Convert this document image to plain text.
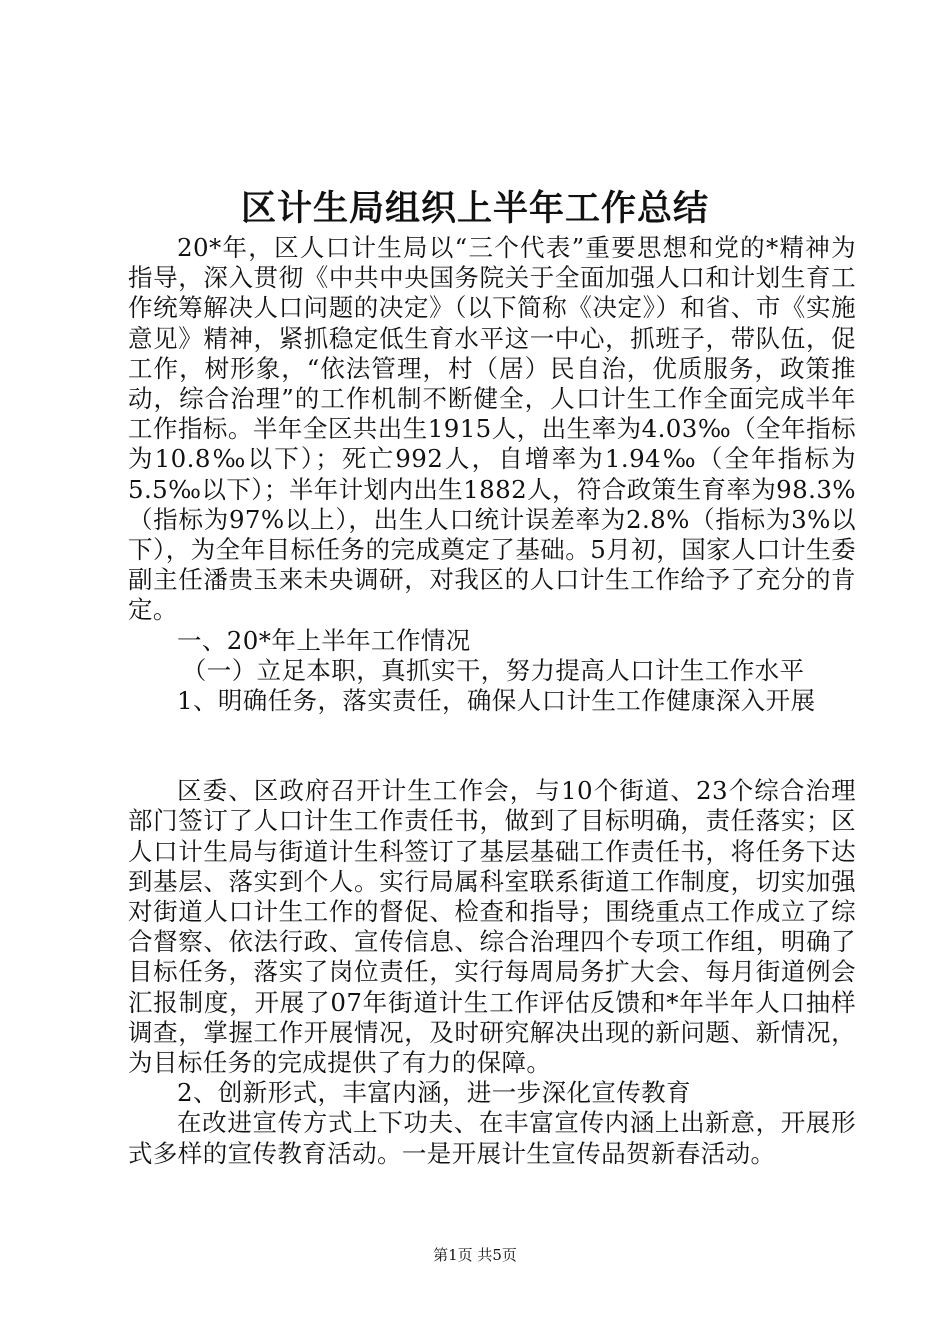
区计生局组织上半年工作总结

20*年，区人口计生局以“三个代表”重要思想和党的*精神为指导，深入贯彻《中共中央国务院关于全面加强人口和计划生育工作统筹解决人口问题的决定》（以下简称《决定》）和省、市《实施意见》精神，紧抓稳定低生育水平这一中心，抓班子，带队伍，促工作，树形象，“依法管理，村（居）民自治，优质服务，政策推动，综合治理”的工作机制不断健全，人口计生工作全面完成半年工作指标。半年全区共出生1915人，出生率为4.03‰（全年指标为10.8‰以下）；死亡992人，自增率为1.94‰（全年指标为5.5‰以下）；半年计划内出生1882人，符合政策生育率为98.3%（指标为97%以上），出生人口统计误差率为2.8%（指标为3%以下），为全年目标任务的完成奠定了基础。5月初，国家人口计生委副主任潘贵玉来未央调研，对我区的人口计生工作给予了充分的肯定。

一、20*年上半年工作情况

（一）立足本职，真抓实干，努力提高人口计生工作水平

1、明确任务，落实责任，确保人口计生工作健康深入开展

区委、区政府召开计生工作会，与10个街道、23个综合治理部门签订了人口计生工作责任书，做到了目标明确，责任落实；区人口计生局与街道计生科签订了基层基础工作责任书，将任务下达到基层、落实到个人。实行局属科室联系街道工作制度，切实加强对街道人口计生工作的督促、检查和指导；围绕重点工作成立了综合督察、依法行政、宣传信息、综合治理四个专项工作组，明确了目标任务，落实了岗位责任，实行每周局务扩大会、每月街道例会汇报制度，开展了07年街道计生工作评估反馈和*年半年人口抽样调查，掌握工作开展情况，及时研究解决出现的新问题、新情况，为目标任务的完成提供了有力的保障。

2、创新形式，丰富内涵，进一步深化宣传教育

在改进宣传方式上下功夫、在丰富宣传内涵上出新意，开展形式多样的宣传教育活动。一是开展计生宣传品贺新春活动。

第1页 共5页
